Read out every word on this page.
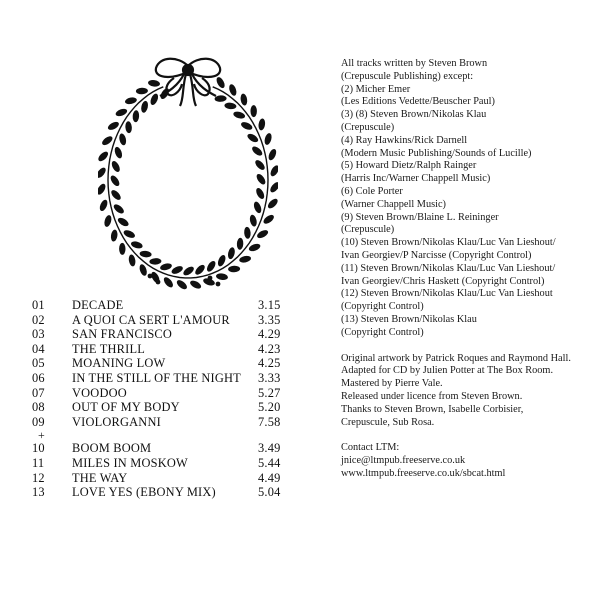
01 DECADE	3.15
02 A QUOI CA SERT L'AMOUR 3.35
03 SAN FRANCISCO	4.29
04 THE THRILL	4.23
05 MOANING LOW	4.25
06 IN THE STILL OF THE NIGHT 3.33
07 VOODOO	5.27
08 OUT OF MY BODY	5.20
09 VIOLORGANNI	7.58
+
10 BOOM BOOM	3.49
11 MILES IN MOSKOW	5.44
12 THE WAY	4.49
13 LOVE YES (EBONY MIX)	5.04
All tracks written by Steven Brown
(Crepuscule Publishing) except:
(2) Micher Emer
(Les Editions Vedette/Beuscher Paul)
(3) (8) Steven Brown/Nikolas Klau
(Crepuscule)
(4) Ray Hawkins/Rick Darnell
(Modern Music Publishing/Sounds of Lucille)
(5) Howard Dietz/Ralph Rainger
(Harris Inc/Warner Chappell Music)
(6) Cole Porter
(Warner Chappell Music)
(9) Steven Brown/Blaine L. Reininger
(Crepuscule)
(10) Steven Brown/Nikolas Klau/Luc Van Lieshout/
Ivan Georgiev/P Narcisse (Copyright Control)
(11) Steven Brown/Nikolas Klau/Luc Van Lieshout/
Ivan Georgiev/Chris Haskett (Copyright Control)
(12) Steven Brown/Nikolas Klau/Luc Van Lieshout
(Copyright Control)
(13) Steven Brown/Nikolas Klau
(Copyright Control)
Original artwork by Patrick Roques and Raymond Hall.
Adapted for CD by Julien Potter at The Box Room.
Mastered by Pierre Vale.
Released under licence from Steven Brown.
Thanks to Steven Brown, Isabelle Corbisier,
Crepuscule, Sub Rosa.
Contact LTM:
jnice@ltmpub.freeserve.co.uk
www.ltmpub.freeserve.co.uk/sbcat.html
